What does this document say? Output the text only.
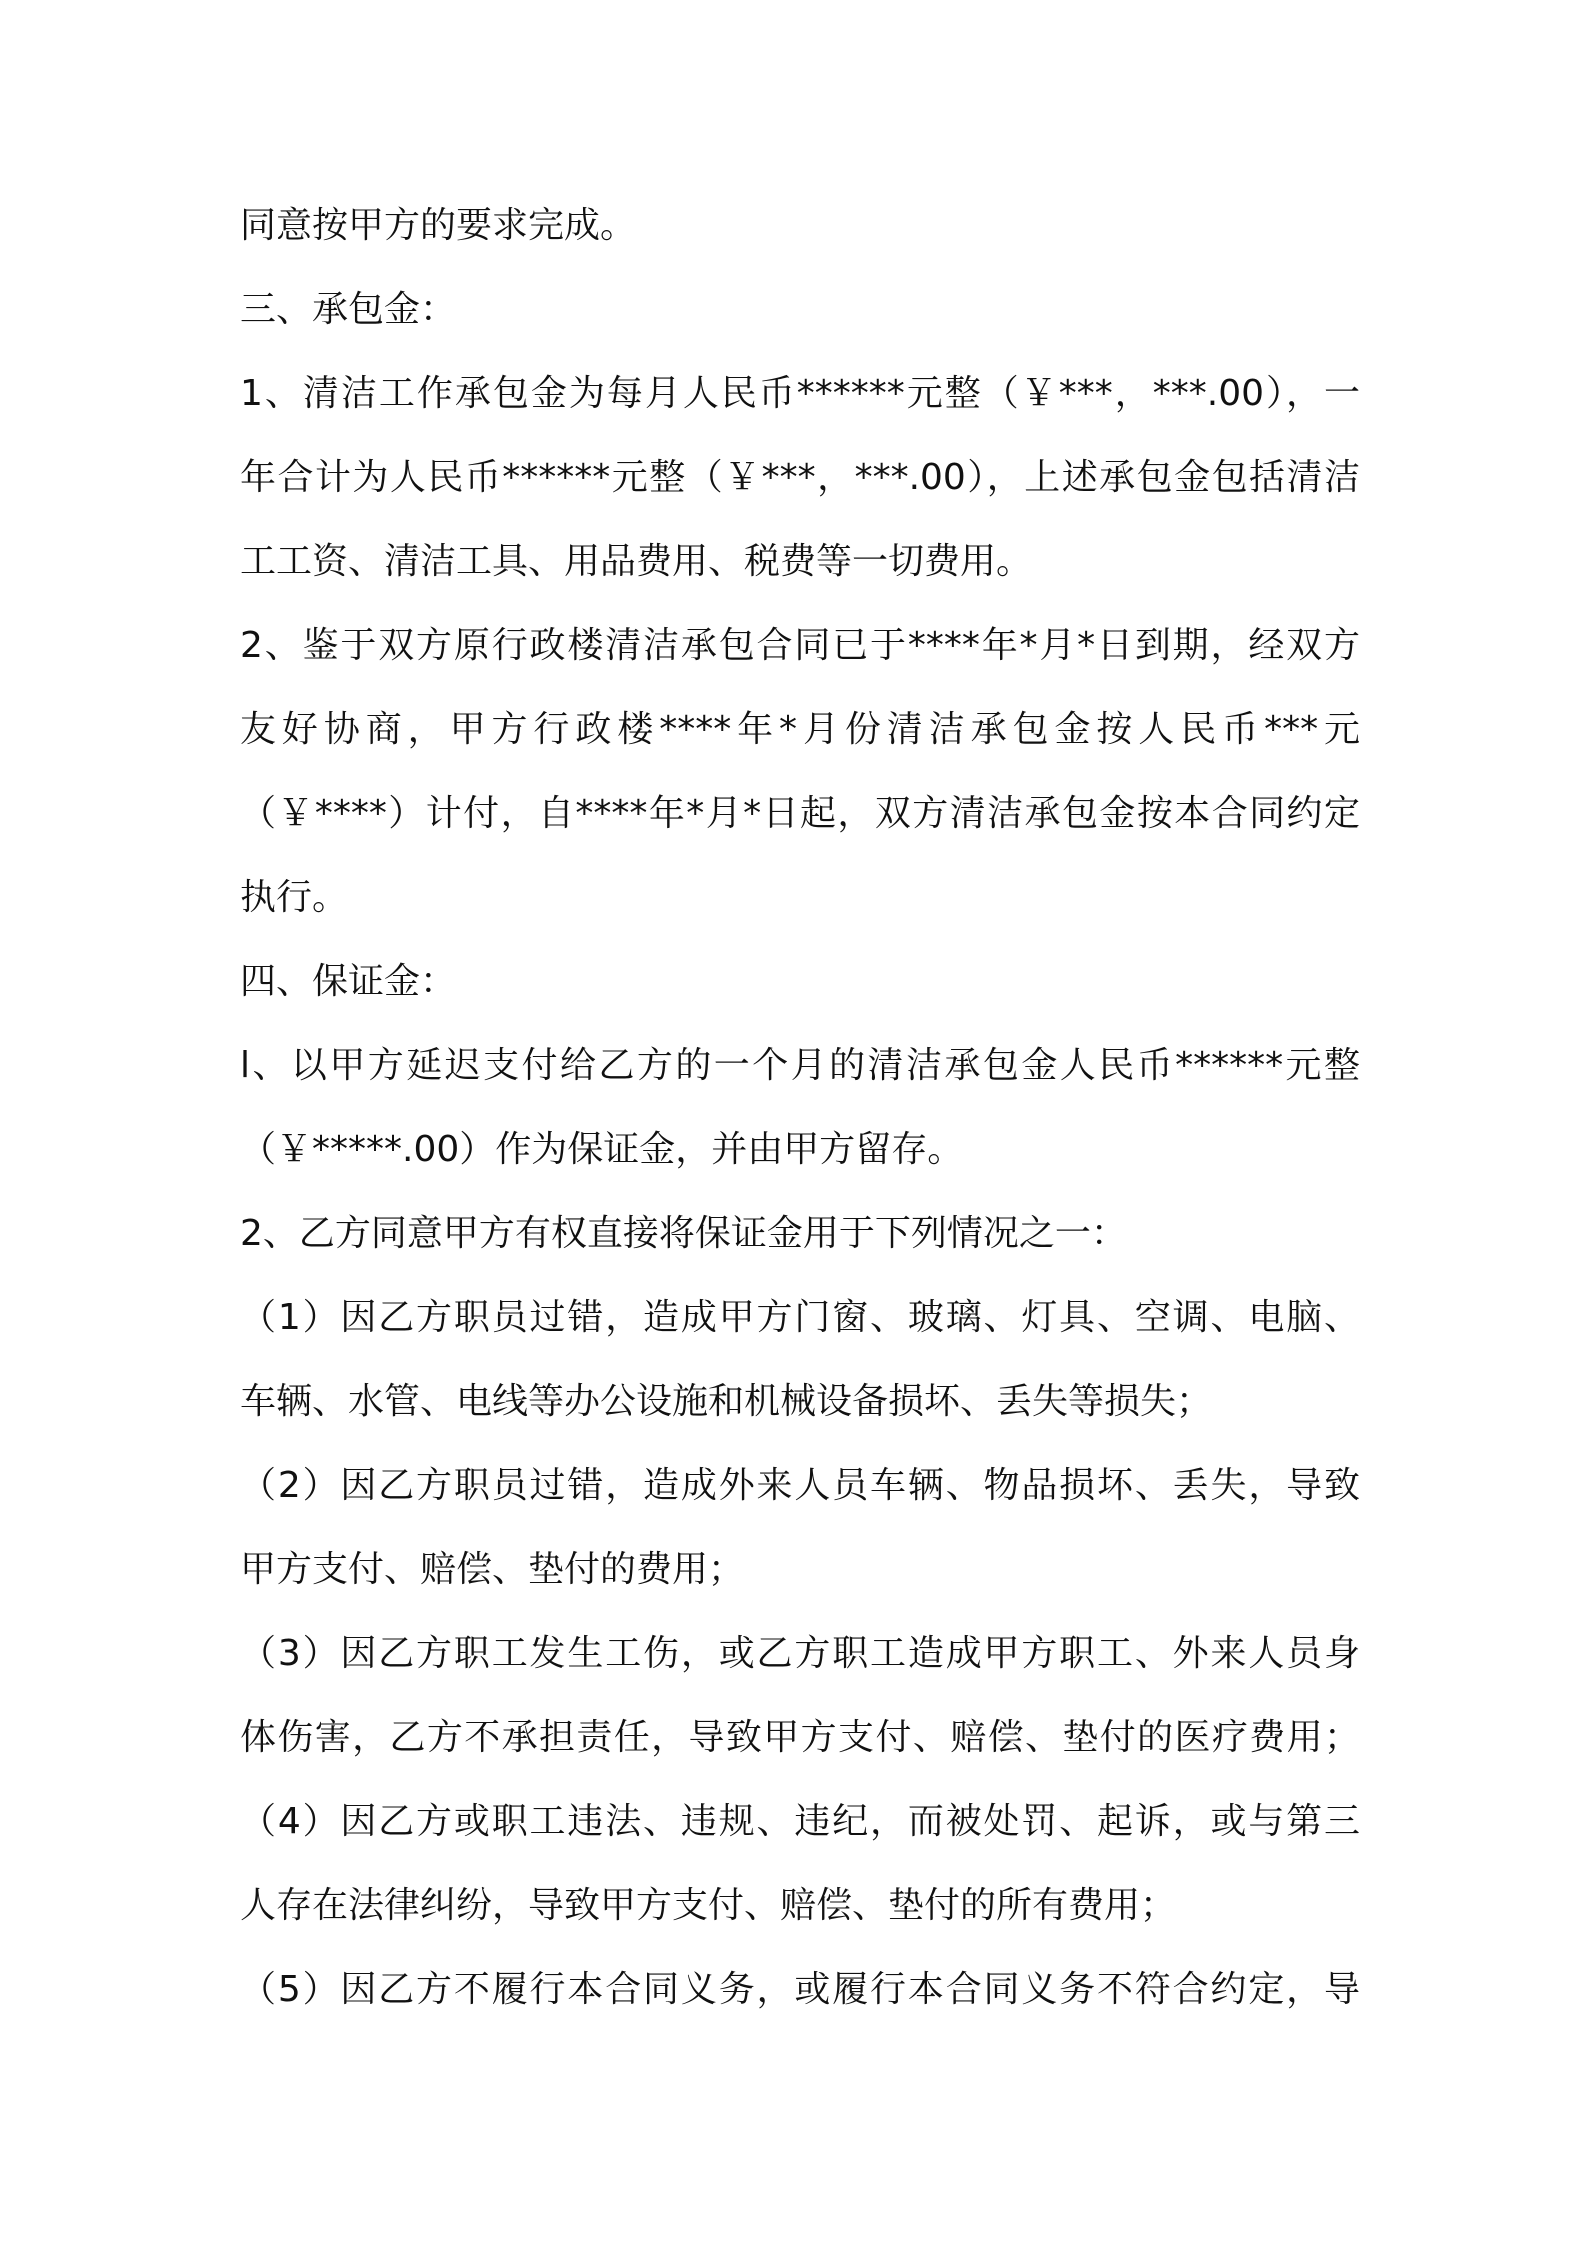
同意按甲方的要求完成。
三、承包金：
1、清洁工作承包金为每月人民币******元整（￥***，***.00），一
年合计为人民币******元整（￥***，***.00），上述承包金包括清洁
工工资、清洁工具、用品费用、税费等一切费用。
2、鉴于双方原行政楼清洁承包合同已于****年*月*日到期，经双方
友好协商，甲方行政楼****年*月份清洁承包金按人民币***元
（￥****）计付，自****年*月*日起，双方清洁承包金按本合同约定
执行。
四、保证金：
l、以甲方延迟支付给乙方的一个月的清洁承包金人民币******元整
（￥*****.00）作为保证金，并由甲方留存。
2、乙方同意甲方有权直接将保证金用于下列情况之一：
（1）因乙方职员过错，造成甲方门窗、玻璃、灯具、空调、电脑、
车辆、水管、电线等办公设施和机械设备损坏、丢失等损失；
（2）因乙方职员过错，造成外来人员车辆、物品损坏、丢失，导致
甲方支付、赔偿、垫付的费用；
（3）因乙方职工发生工伤，或乙方职工造成甲方职工、外来人员身
体伤害，乙方不承担责任，导致甲方支付、赔偿、垫付的医疗费用；
（4）因乙方或职工违法、违规、违纪，而被处罚、起诉，或与第三
人存在法律纠纷，导致甲方支付、赔偿、垫付的所有费用；
（5）因乙方不履行本合同义务，或履行本合同义务不符合约定，导
